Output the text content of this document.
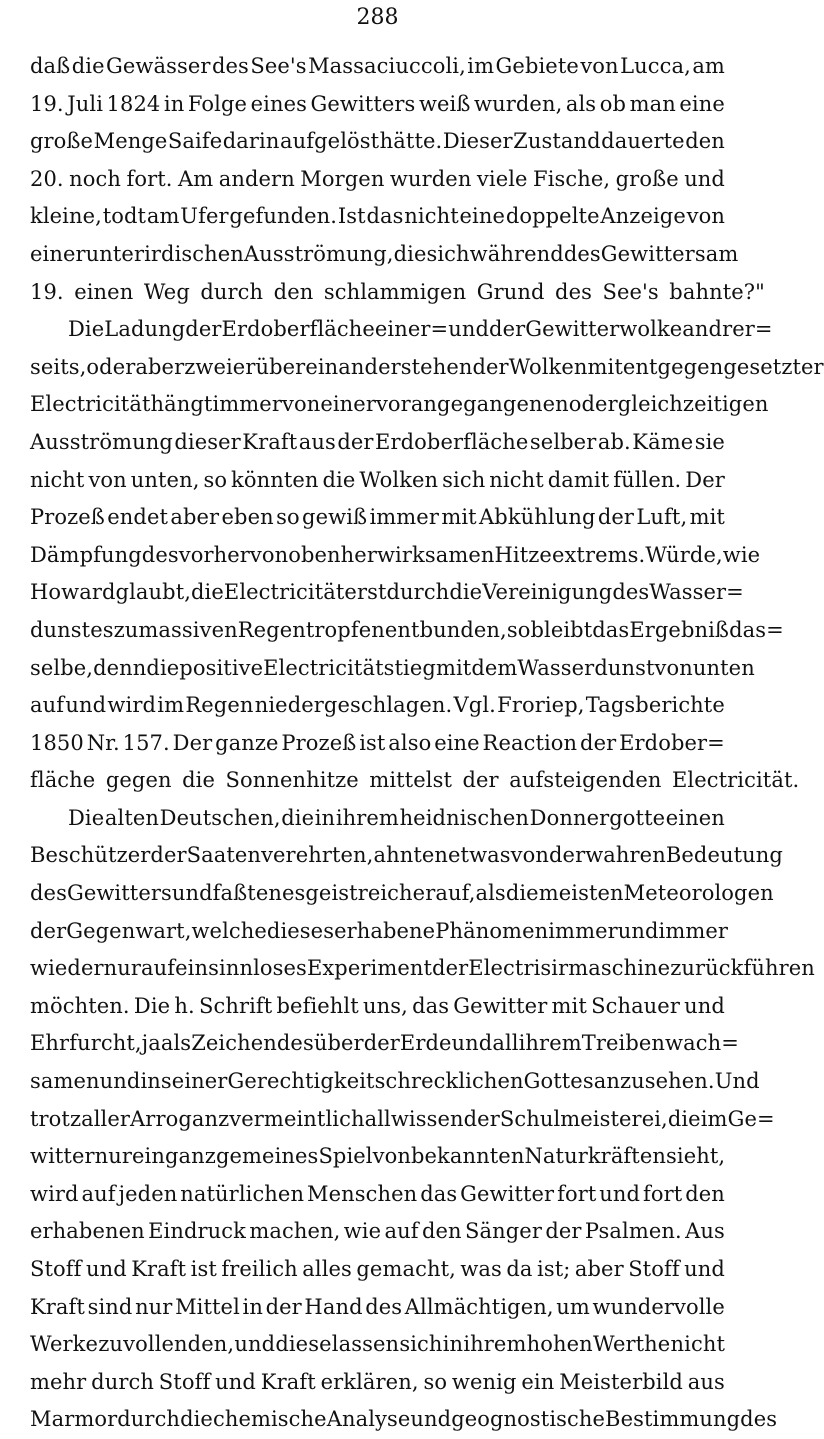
288
daß die Gewässer des See's Massaciuccoli, im Gebiete von Lucca, am
19. Juli 1824 in Folge eines Gewitters weiß wurden, als ob man eine
große Menge Saife darin aufgelöst hätte. Dieser Zustand dauerte den
20. noch fort. Am andern Morgen wurden viele Fische, große und
kleine, todt am Ufer gefunden. Ist das nicht eine doppelte Anzeige von
einer unterirdischen Ausströmung, die sich während des Gewitters am
19. einen Weg durch den schlammigen Grund des See's bahnte?"
Die Ladung der Erdoberfläche einer= und der Gewitterwolke andrer=
seits, oder aber zweier über einander stehender Wolken mit entgegengesetzter
Electricität hängt immer von einer vorangegangenen oder gleichzeitigen
Ausströmung dieser Kraft aus der Erdoberfläche selber ab. Käme sie
nicht von unten, so könnten die Wolken sich nicht damit füllen. Der
Prozeß endet aber eben so gewiß immer mit Abkühlung der Luft, mit
Dämpfung des vorher von oben her wirksamen Hitzeextrems. Würde, wie
Howard glaubt, die Electricität erst durch die Vereinigung des Wasser=
dunstes zu massiven Regentropfen entbunden, so bleibt das Ergebniß das=
selbe, denn die positive Electricität stieg mit dem Wasserdunst von unten
auf und wird im Regen niedergeschlagen. Vgl. Froriep, Tagsberichte
1850 Nr. 157. Der ganze Prozeß ist also eine Reaction der Erdober=
fläche gegen die Sonnenhitze mittelst der aufsteigenden Electricität.
Die alten Deutschen, die in ihrem heidnischen Donnergotte einen
Beschützer der Saaten verehrten, ahnten etwas von der wahren Bedeutung
des Gewitters und faßten es geistreicher auf, als die meisten Meteorologen
der Gegenwart, welche dieses erhabene Phänomen immer und immer
wieder nur auf ein sinnloses Experiment der Electrisirmaschine zurückführen
möchten. Die h. Schrift befiehlt uns, das Gewitter mit Schauer und
Ehrfurcht, ja als Zeichen des über der Erde und all ihrem Treiben wach=
samen und in seiner Gerechtigkeit schrecklichen Gottes anzusehen. Und
trotz aller Arroganz vermeintlich allwissender Schulmeisterei, die im Ge=
witter nur ein ganz gemeines Spiel von bekannten Naturkräften sieht,
wird auf jeden natürlichen Menschen das Gewitter fort und fort den
erhabenen Eindruck machen, wie auf den Sänger der Psalmen. Aus
Stoff und Kraft ist freilich alles gemacht, was da ist; aber Stoff und
Kraft sind nur Mittel in der Hand des Allmächtigen, um wundervolle
Werke zu vollenden, und diese lassen sich in ihrem hohen Werthe nicht
mehr durch Stoff und Kraft erklären, so wenig ein Meisterbild aus
Marmor durch die chemische Analyse und geognostische Bestimmung des
